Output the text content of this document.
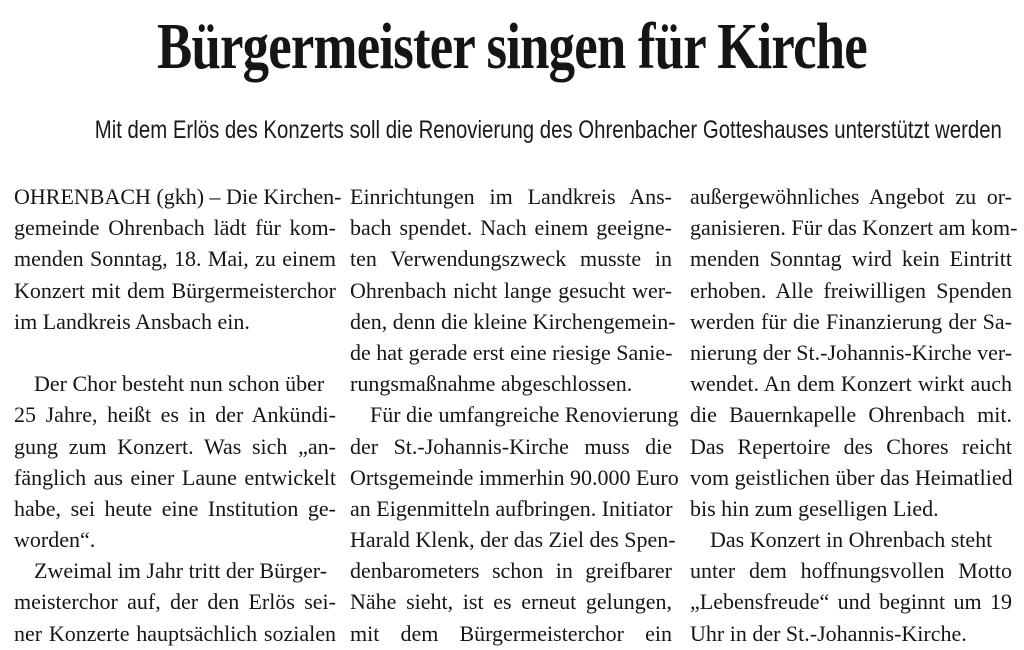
Bürgermeister singen für Kirche
Mit dem Erlös des Konzerts soll die Renovierung des Ohrenbacher Gotteshauses unterstützt werden
OHRENBACH (gkh) – Die Kirchen-
gemeinde Ohrenbach lädt für kom-
menden Sonntag, 18. Mai, zu einem
Konzert mit dem Bürgermeisterchor
im Landkreis Ansbach ein.
Der Chor besteht nun schon über
25 Jahre, heißt es in der Ankündi-
gung zum Konzert. Was sich „an-
fänglich aus einer Laune entwickelt
habe, sei heute eine Institution ge-
worden“.
Zweimal im Jahr tritt der Bürger-
meisterchor auf, der den Erlös sei-
ner Konzerte hauptsächlich sozialen
Einrichtungen im Landkreis Ans-
bach spendet. Nach einem geeigne-
ten Verwendungszweck musste in
Ohrenbach nicht lange gesucht wer-
den, denn die kleine Kirchengemein-
de hat gerade erst eine riesige Sanie-
rungsmaßnahme abgeschlossen.
Für die umfangreiche Renovierung
der St.-Johannis-Kirche muss die
Ortsgemeinde immerhin 90.000 Euro
an Eigenmitteln aufbringen. Initiator
Harald Klenk, der das Ziel des Spen-
denbarometers schon in greifbarer
Nähe sieht, ist es erneut gelungen,
mit dem Bürgermeisterchor ein
außergewöhnliches Angebot zu or-
ganisieren. Für das Konzert am kom-
menden Sonntag wird kein Eintritt
erhoben. Alle freiwilligen Spenden
werden für die Finanzierung der Sa-
nierung der St.-Johannis-Kirche ver-
wendet. An dem Konzert wirkt auch
die Bauernkapelle Ohrenbach mit.
Das Repertoire des Chores reicht
vom geistlichen über das Heimatlied
bis hin zum geselligen Lied.
Das Konzert in Ohrenbach steht
unter dem hoffnungsvollen Motto
„Lebensfreude“ und beginnt um 19
Uhr in der St.-Johannis-Kirche.
